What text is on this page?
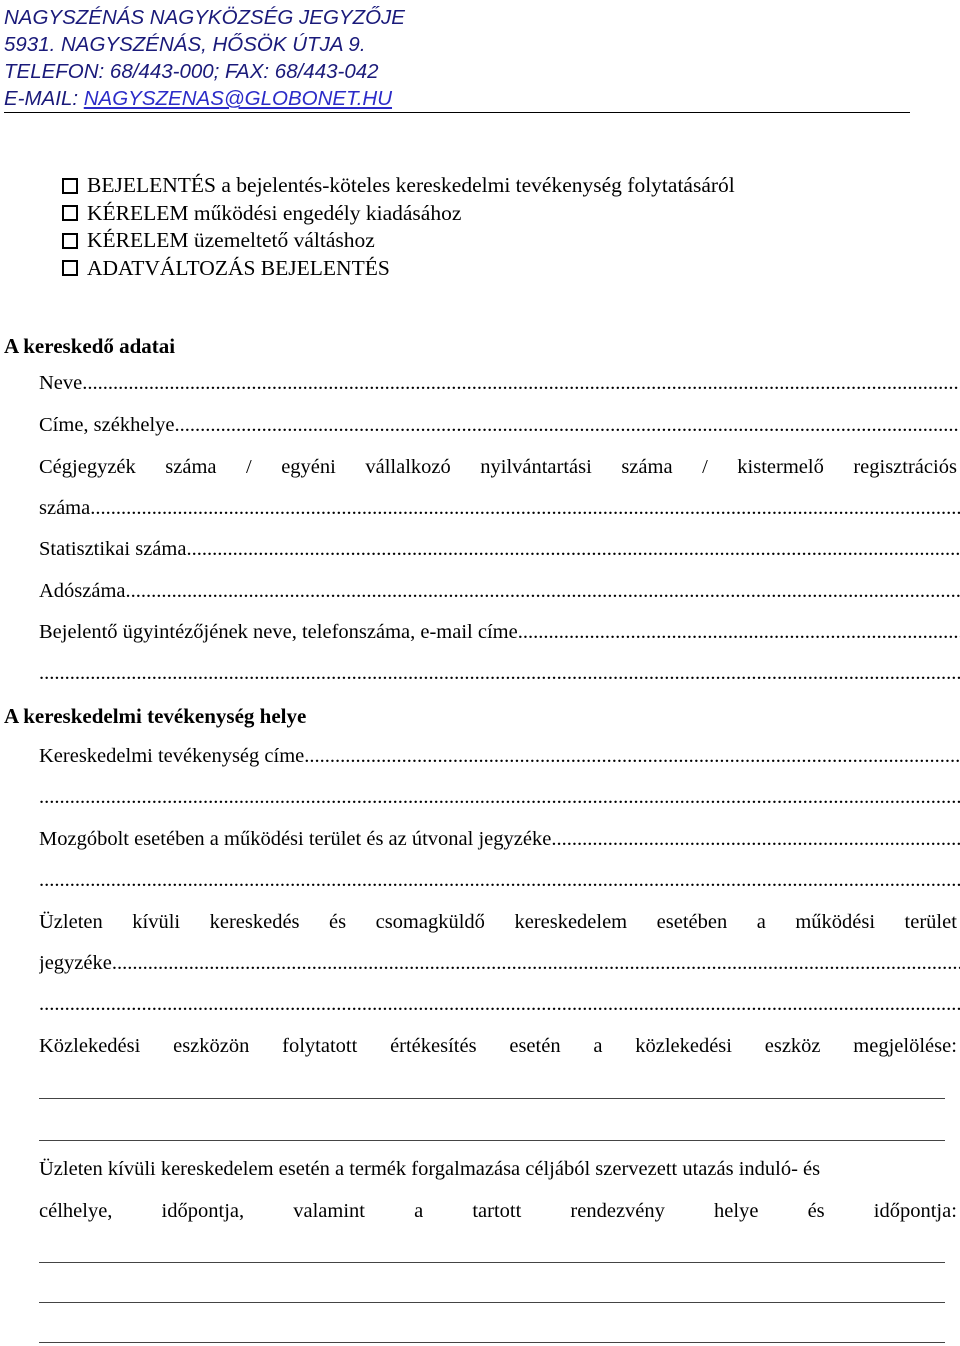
NAGYSZÉNÁS NAGYKÖZSÉG JEGYZŐJE
5931. NAGYSZÉNÁS, HŐSÖK ÚTJA 9.
TELEFON: 68/443-000; FAX: 68/443-042
E-MAIL: NAGYSZENAS@GLOBONET.HU
BEJELENTÉS a bejelentés-köteles kereskedelmi tevékenység folytatásáról
KÉRELEM működési engedély kiadásához
KÉRELEM üzemeltető váltáshoz
ADATVÁLTOZÁS BEJELENTÉS
A kereskedő adatai
Neve
.....
Címe, székhelye
.....
Cégjegyzék száma / egyéni vállalkozó nyilvántartási száma / kistermelő regisztrációs
száma
.....
Statisztikai száma
.....
Adószáma
.....
Bejelentő ügyintézőjének neve, telefonszáma, e-mail címe
.....
.....
A kereskedelmi tevékenység helye
Kereskedelmi tevékenység címe
.....
.....
Mozgóbolt esetében a működési terület és az útvonal jegyzéke
.....
.....
Üzleten kívüli kereskedés és csomagküldő kereskedelem esetében a működési terület
jegyzéke
.....
.....
Közlekedési eszközön folytatott értékesítés esetén a közlekedési eszköz megjelölése:
Üzleten kívüli kereskedelem esetén a termék forgalmazása céljából szervezett utazás induló- és
célhelye, időpontja, valamint a tartott rendezvény helye és időpontja:
